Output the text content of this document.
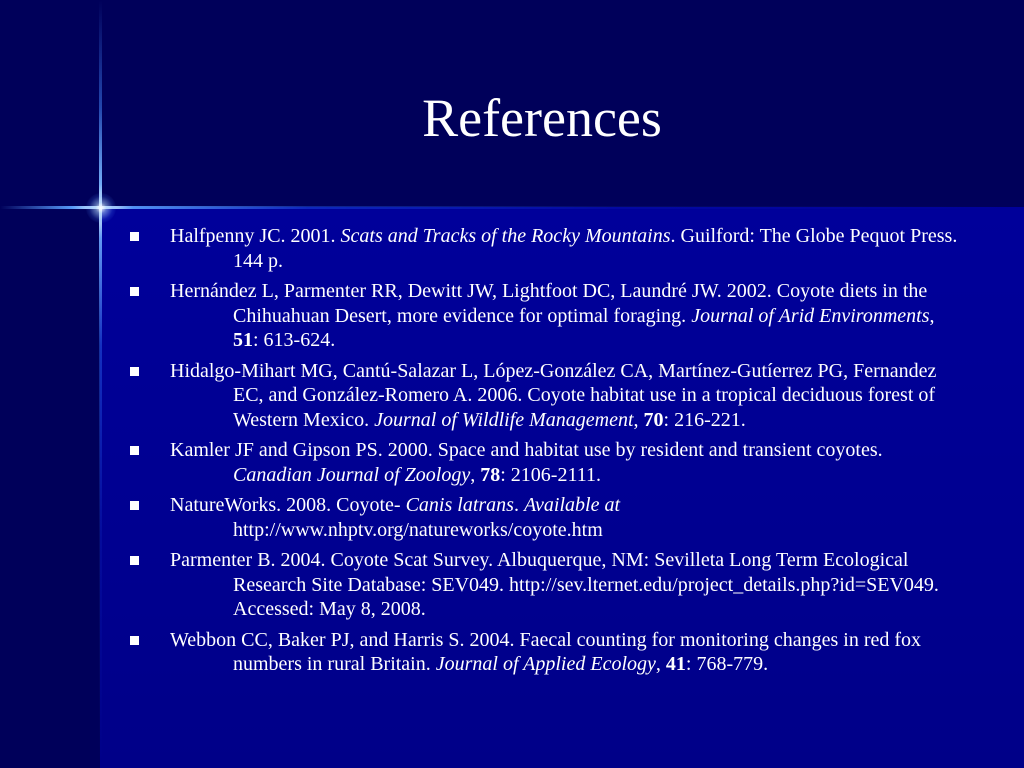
References
Halfpenny JC. 2001. Scats and Tracks of the Rocky Mountains. Guilford: The Globe Pequot Press. 144 p.
Hernández L, Parmenter RR, Dewitt JW, Lightfoot DC, Laundré JW. 2002. Coyote diets in the Chihuahuan Desert, more evidence for optimal foraging. Journal of Arid Environments, 51: 613-624.
Hidalgo-Mihart MG, Cantú-Salazar L, López-González CA, Martínez-Gutíerrez PG, Fernandez EC, and González-Romero A. 2006. Coyote habitat use in a tropical deciduous forest of Western Mexico. Journal of Wildlife Management, 70: 216-221.
Kamler JF and Gipson PS. 2000. Space and habitat use by resident and transient coyotes. Canadian Journal of Zoology, 78: 2106-2111.
NatureWorks. 2008. Coyote- Canis latrans. Available at http://www.nhptv.org/natureworks/coyote.htm
Parmenter B. 2004. Coyote Scat Survey. Albuquerque, NM: Sevilleta Long Term Ecological Research Site Database: SEV049. http://sev.lternet.edu/project_details.php?id=SEV049. Accessed: May 8, 2008.
Webbon CC, Baker PJ, and Harris S. 2004. Faecal counting for monitoring changes in red fox numbers in rural Britain. Journal of Applied Ecology, 41: 768-779.
